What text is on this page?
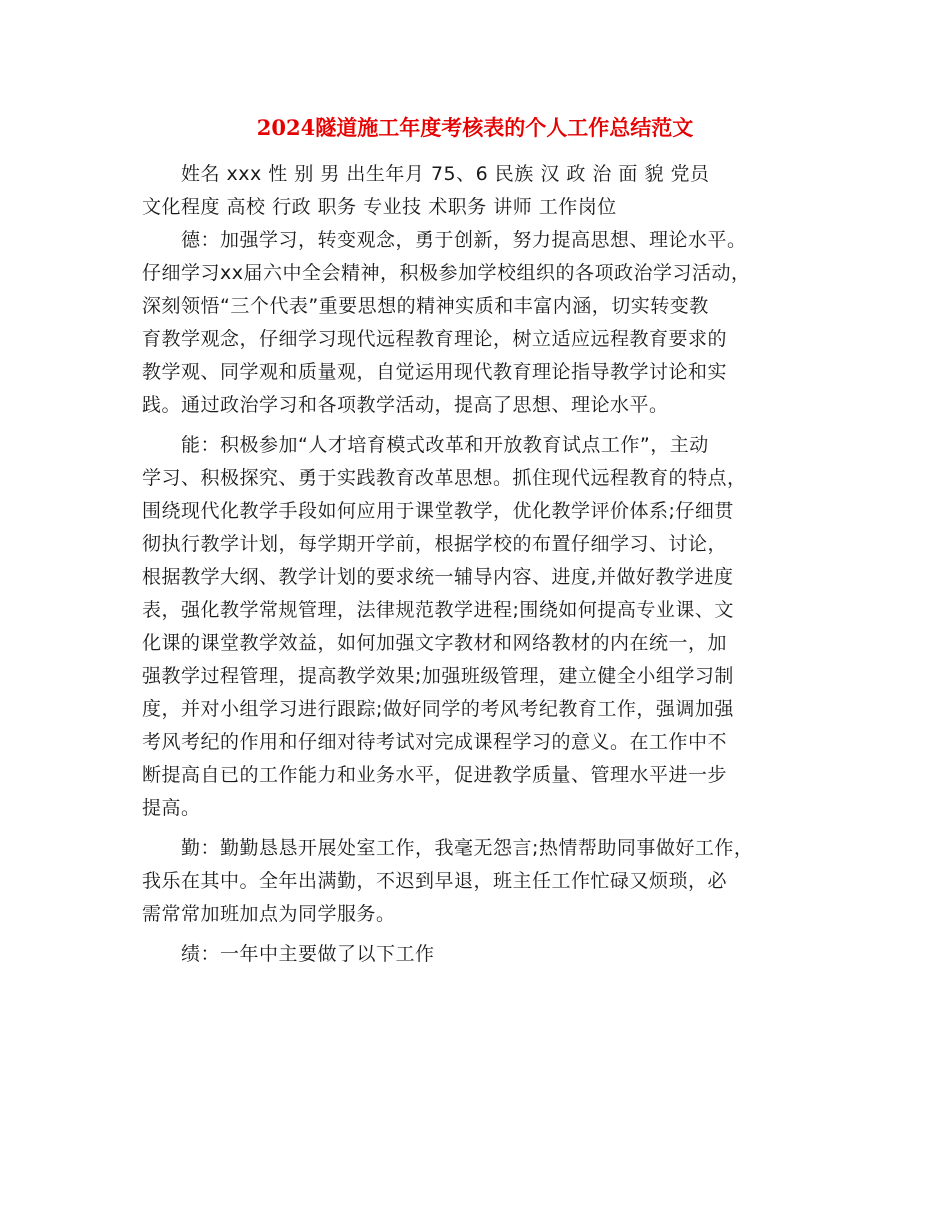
2024隧道施工年度考核表的个人工作总结范文
　　姓名 xxx 性 别 男 出生年月 75、6 民族 汉 政 治 面 貌 党员
文化程度 高校 行政 职务 专业技 术职务 讲师 工作岗位
　　德：加强学习，转变观念，勇于创新，努力提高思想、理论水平。
仔细学习xx届六中全会精神，积极参加学校组织的各项政治学习活动，
深刻领悟“三个代表”重要思想的精神实质和丰富内涵，切实转变教
育教学观念，仔细学习现代远程教育理论，树立适应远程教育要求的
教学观、同学观和质量观，自觉运用现代教育理论指导教学讨论和实
践。通过政治学习和各项教学活动，提高了思想、理论水平。
　　能：积极参加“人才培育模式改革和开放教育试点工作”，主动
学习、积极探究、勇于实践教育改革思想。抓住现代远程教育的特点，
围绕现代化教学手段如何应用于课堂教学，优化教学评价体系;仔细贯
彻执行教学计划，每学期开学前，根据学校的布置仔细学习、讨论，
根据教学大纲、教学计划的要求统一辅导内容、进度,并做好教学进度
表，强化教学常规管理，法律规范教学进程;围绕如何提高专业课、文
化课的课堂教学效益，如何加强文字教材和网络教材的内在统一，加
强教学过程管理，提高教学效果;加强班级管理，建立健全小组学习制
度，并对小组学习进行跟踪;做好同学的考风考纪教育工作，强调加强
考风考纪的作用和仔细对待考试对完成课程学习的意义。在工作中不
断提高自已的工作能力和业务水平，促进教学质量、管理水平进一步
提高。
　　勤：勤勤恳恳开展处室工作，我毫无怨言;热情帮助同事做好工作，
我乐在其中。全年出满勤，不迟到早退，班主任工作忙碌又烦琐，必
需常常加班加点为同学服务。
　　绩：一年中主要做了以下工作
